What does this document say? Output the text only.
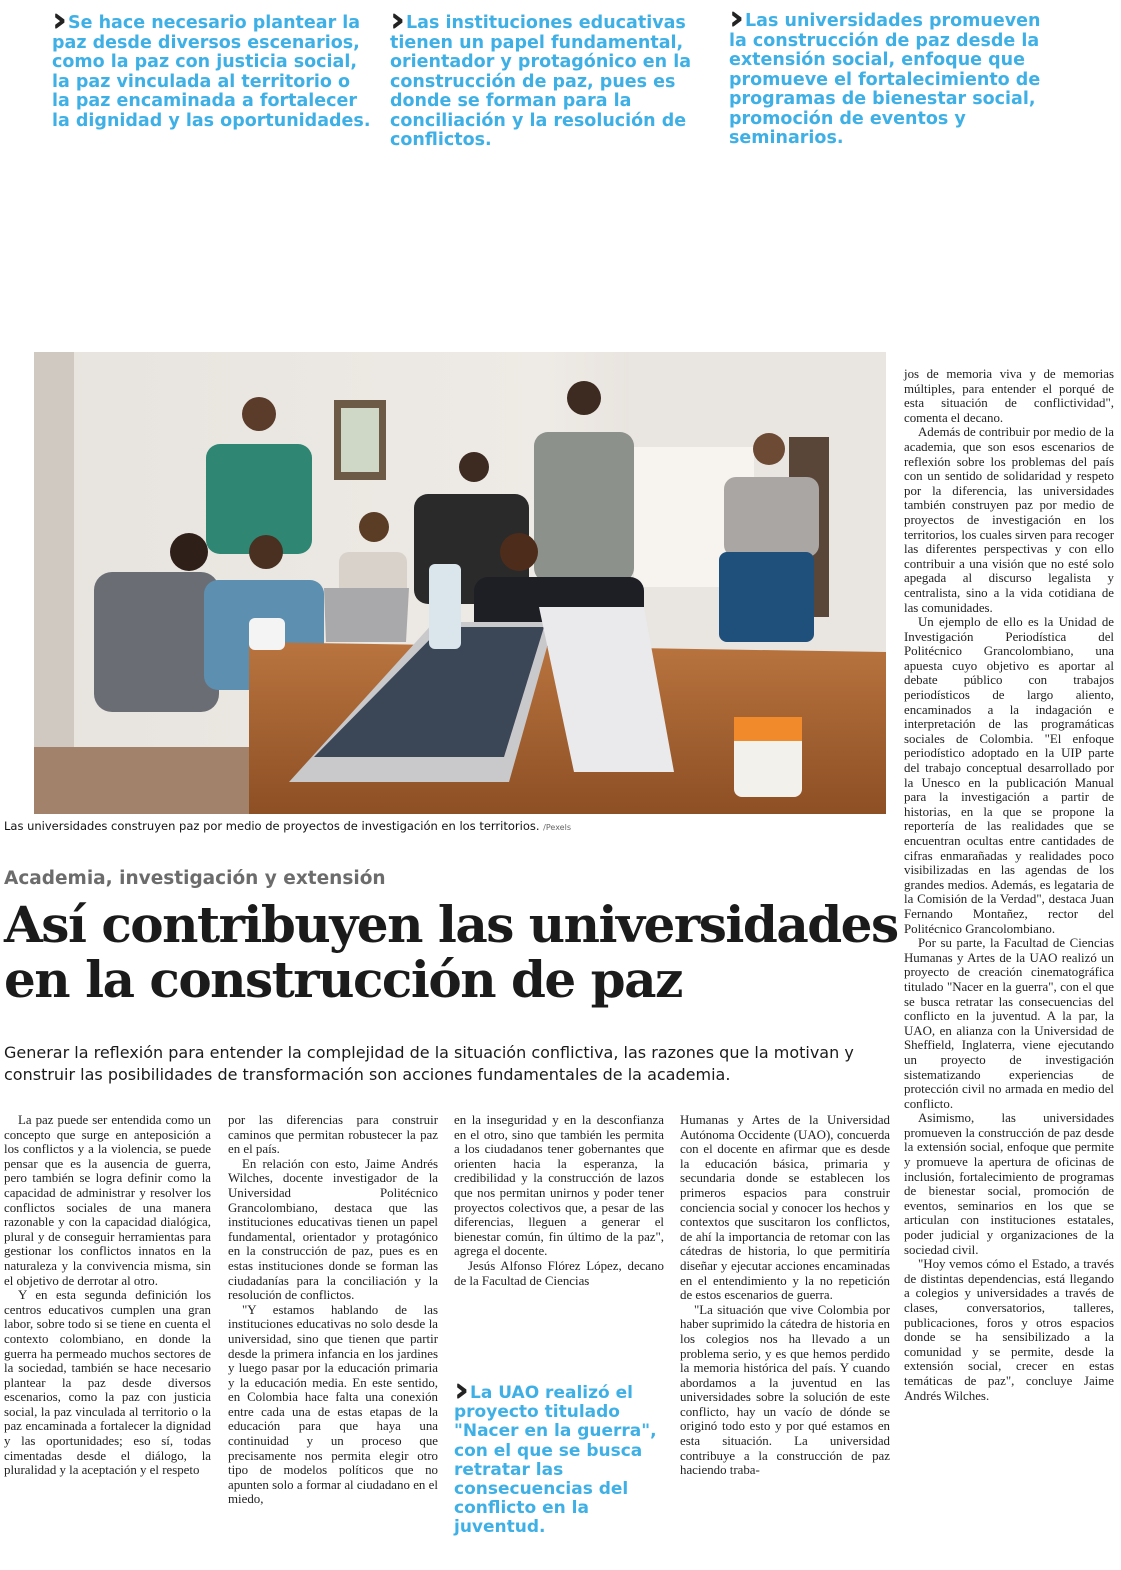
›› Se hace necesario plantear la paz desde diversos escenarios, como la paz con justicia social, la paz vinculada al territorio o la paz encaminada a fortalecer la dignidad y las oportunidades.
›› Las instituciones educativas tienen un papel fundamental, orientador y protagónico en la construcción de paz, pues es donde se forman para la conciliación y la resolución de conflictos.
›› Las universidades promueven la construcción de paz desde la extensión social, enfoque que promueve el fortalecimiento de programas de bienestar social, promoción de eventos y seminarios.
Las universidades construyen paz por medio de proyectos de investigación en los territorios. /Pexels
Academia, investigación y extensión
Así contribuyen las universidades
en la construcción de paz
Generar la reflexión para entender la complejidad de la situación conflictiva, las razones que la motivan y construir las posibilidades de transformación son acciones fundamentales de la academia.

La paz puede ser entendida como un concepto que surge en anteposición a los conflictos y a la violencia, se puede pensar que es la ausencia de guerra, pero también se logra definir como la capacidad de administrar y resolver los conflictos sociales de una manera razonable y con la capacidad dialógica, plural y de conseguir herramientas para gestionar los conflictos innatos en la naturaleza y la convivencia misma, sin el objetivo de derrotar al otro.

Y en esta segunda definición los centros educativos cumplen una gran labor, sobre todo si se tiene en cuenta el contexto colombiano, en donde la guerra ha permeado muchos sectores de la sociedad, también se hace necesario plantear la paz desde diversos escenarios, como la paz con justicia social, la paz vinculada al territorio o la paz encaminada a fortalecer la dignidad y las oportunidades; eso sí, todas cimentadas desde el diálogo, la pluralidad y la aceptación y el respeto

por las diferencias para construir caminos que permitan robustecer la paz en el país.

En relación con esto, Jaime Andrés Wilches, docente investigador de la Universidad Politécnico Grancolombiano, destaca que las instituciones educativas tienen un papel fundamental, orientador y protagónico en la construcción de paz, pues es en estas instituciones donde se forman las ciudadanías para la conciliación y la resolución de conflictos.

"Y estamos hablando de las instituciones educativas no solo desde la universidad, sino que tienen que partir desde la primera infancia en los jardines y luego pasar por la educación primaria y la educación media. En este sentido, en Colombia hace falta una conexión entre cada una de estas etapas de la educación para que haya una continuidad y un proceso que precisamente nos permita elegir otro tipo de modelos políticos que no apunten solo a formar al ciudadano en el miedo,

en la inseguridad y en la desconfianza en el otro, sino que también les permita a los ciudadanos tener gobernantes que orienten hacia la esperanza, la credibilidad y la construcción de lazos que nos permitan unirnos y poder tener proyectos colectivos que, a pesar de las diferencias, lleguen a generar el bienestar común, fin último de la paz", agrega el docente.

Jesús Alfonso Flórez López, decano de la Facultad de Ciencias

Humanas y Artes de la Universidad Autónoma Occidente (UAO), concuerda con el docente en afirmar que es desde la educación básica, primaria y secundaria donde se establecen los primeros espacios para construir conciencia social y conocer los hechos y contextos que suscitaron los conflictos, de ahí la importancia de retomar con las cátedras de historia, lo que permitiría diseñar y ejecutar acciones encaminadas en el entendimiento y la no repetición de estos escenarios de guerra.

"La situación que vive Colombia por haber suprimido la cátedra de historia en los colegios nos ha llevado a un problema serio, y es que hemos perdido la memoria histórica del país. Y cuando abordamos a la juventud en las universidades sobre la solución de este conflicto, hay un vacío de dónde se originó todo esto y por qué estamos en esta situación. La universidad contribuye a la construcción de paz haciendo traba-

jos de memoria viva y de memorias múltiples, para entender el porqué de esta situación de conflictividad", comenta el decano.

Además de contribuir por medio de la academia, que son esos escenarios de reflexión sobre los problemas del país con un sentido de solidaridad y respeto por la diferencia, las universidades también construyen paz por medio de proyectos de investigación en los territorios, los cuales sirven para recoger las diferentes perspectivas y con ello contribuir a una visión que no esté solo apegada al discurso legalista y centralista, sino a la vida cotidiana de las comunidades.

Un ejemplo de ello es la Unidad de Investigación Periodística del Politécnico Grancolombiano, una apuesta cuyo objetivo es aportar al debate público con trabajos periodísticos de largo aliento, encaminados a la indagación e interpretación de las programáticas sociales de Colombia. "El enfoque periodístico adoptado en la UIP parte del trabajo conceptual desarrollado por la Unesco en la publicación Manual para la investigación a partir de historias, en la que se propone la reportería de las realidades que se encuentran ocultas entre cantidades de cifras enmarañadas y realidades poco visibilizadas en las agendas de los grandes medios. Además, es legataria de la Comisión de la Verdad", destaca Juan Fernando Montañez, rector del Politécnico Grancolombiano.

Por su parte, la Facultad de Ciencias Humanas y Artes de la UAO realizó un proyecto de creación cinematográfica titulado "Nacer en la guerra", con el que se busca retratar las consecuencias del conflicto en la juventud. A la par, la UAO, en alianza con la Universidad de Sheffield, Inglaterra, viene ejecutando un proyecto de investigación sistematizando experiencias de protección civil no armada en medio del conflicto.

Asimismo, las universidades promueven la construcción de paz desde la extensión social, enfoque que permite y promueve la apertura de oficinas de inclusión, fortalecimiento de programas de bienestar social, promoción de eventos, seminarios en los que se articulan con instituciones estatales, poder judicial y organizaciones de la sociedad civil.

"Hoy vemos cómo el Estado, a través de distintas dependencias, está llegando a colegios y universidades a través de clases, conversatorios, talleres, publicaciones, foros y otros espacios donde se ha sensibilizado a la comunidad y se permite, desde la extensión social, crecer en estas temáticas de paz", concluye Jaime Andrés Wilches.

›› La UAO realizó el proyecto titulado "Nacer en la guerra", con el que se busca retratar las consecuencias del conflicto en la juventud.
